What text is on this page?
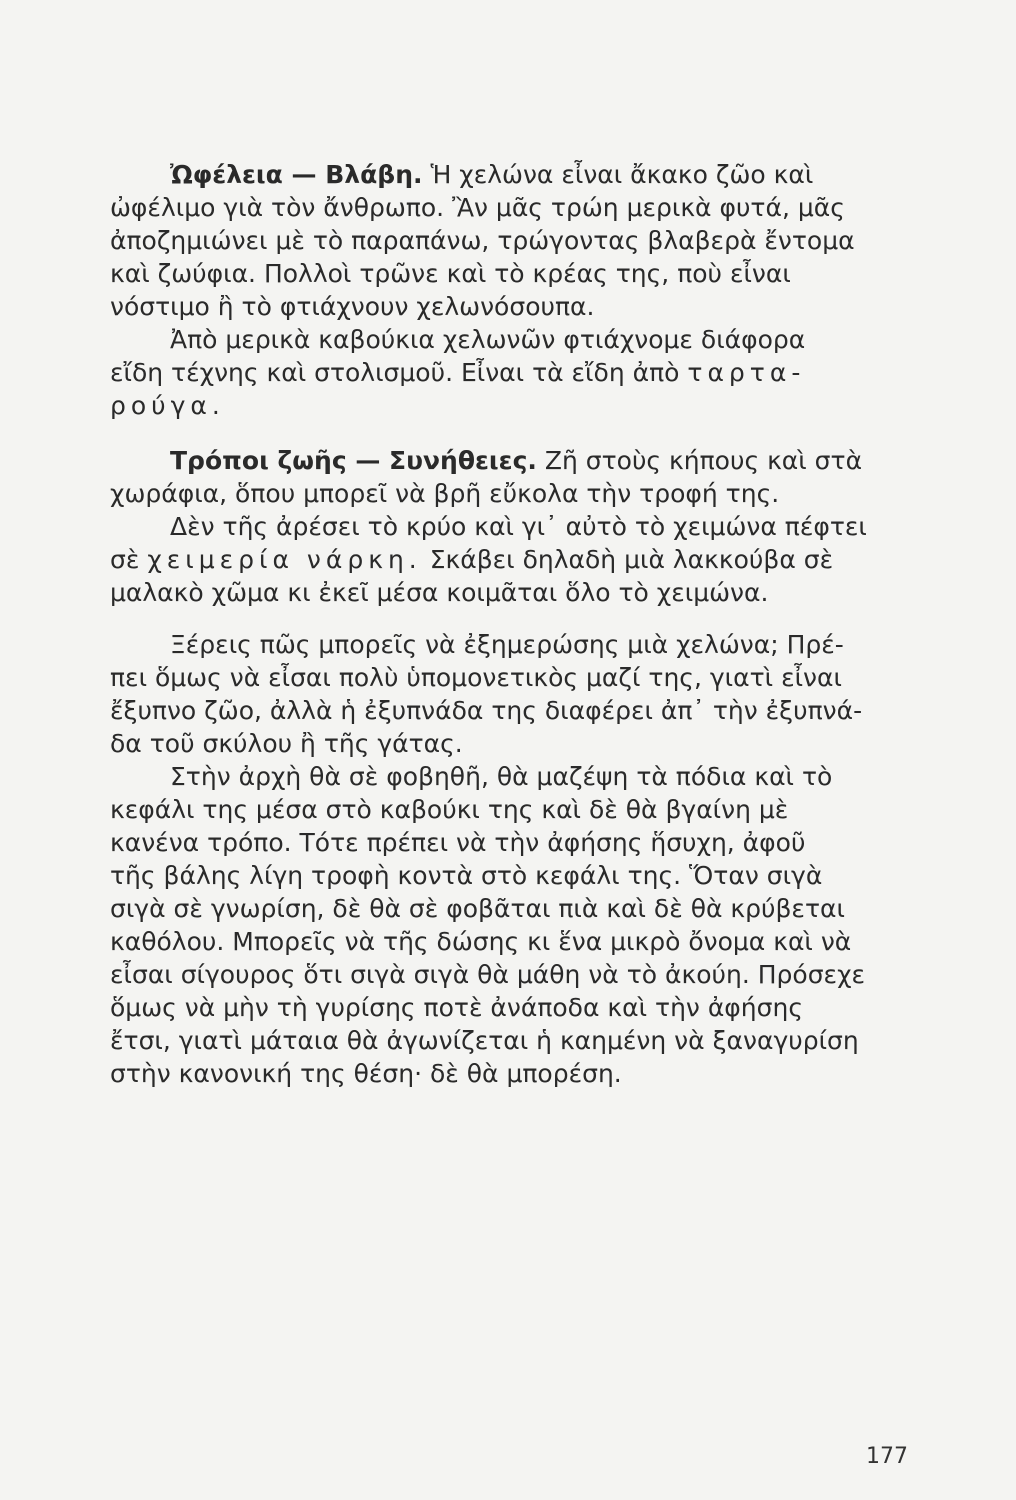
Ὠφέλεια — Βλάβη. Ἡ χελώνα εἶναι ἄκακο ζῶο καὶ
ὠφέλιμο γιὰ τὸν ἄνθρωπο. Ἂν μᾶς τρώη μερικὰ φυτά, μᾶς
ἀποζημιώνει μὲ τὸ παραπάνω, τρώγοντας βλαβερὰ ἔντομα
καὶ ζωύφια. Πολλοὶ τρῶνε καὶ τὸ κρέας της, ποὺ εἶναι
νόστιμο ἢ τὸ φτιάχνουν χελωνόσουπα.
Ἀπὸ μερικὰ καβούκια χελωνῶν φτιάχνομε διάφορα
εἴδη τέχνης καὶ στολισμοῦ. Εἶναι τὰ εἴδη ἀπὸ ταρτα-
ρούγα.
Τρόποι ζωῆς — Συνήθειες. Ζῆ στοὺς κήπους καὶ στὰ
χωράφια, ὅπου μπορεῖ νὰ βρῆ εὔκολα τὴν τροφή της.
Δὲν τῆς ἀρέσει τὸ κρύο καὶ γι᾽ αὐτὸ τὸ χειμώνα πέφτει
σὲ χειμερία νάρκη. Σκάβει δηλαδὴ μιὰ λακκούβα σὲ
μαλακὸ χῶμα κι ἐκεῖ μέσα κοιμᾶται ὅλο τὸ χειμώνα.
Ξέρεις πῶς μπορεῖς νὰ ἐξημερώσης μιὰ χελώνα; Πρέ-
πει ὅμως νὰ εἶσαι πολὺ ὑπομονετικὸς μαζί της, γιατὶ εἶναι
ἔξυπνο ζῶο, ἀλλὰ ἡ ἐξυπνάδα της διαφέρει ἀπ᾽ τὴν ἐξυπνά-
δα τοῦ σκύλου ἢ τῆς γάτας.
Στὴν ἀρχὴ θὰ σὲ φοβηθῆ, θὰ μαζέψη τὰ πόδια καὶ τὸ
κεφάλι της μέσα στὸ καβούκι της καὶ δὲ θὰ βγαίνη μὲ
κανένα τρόπο. Τότε πρέπει νὰ τὴν ἀφήσης ἥσυχη, ἀφοῦ
τῆς βάλης λίγη τροφὴ κοντὰ στὸ κεφάλι της. Ὅταν σιγὰ
σιγὰ σὲ γνωρίση, δὲ θὰ σὲ φοβᾶται πιὰ καὶ δὲ θὰ κρύβεται
καθόλου. Μπορεῖς νὰ τῆς δώσης κι ἕνα μικρὸ ὄνομα καὶ νὰ
εἶσαι σίγουρος ὅτι σιγὰ σιγὰ θὰ μάθη νὰ τὸ ἀκούη. Πρόσεχε
ὅμως νὰ μὴν τὴ γυρίσης ποτὲ ἀνάποδα καὶ τὴν ἀφήσης
ἔτσι, γιατὶ μάταια θὰ ἀγωνίζεται ἡ καημένη νὰ ξαναγυρίση
στὴν κανονική της θέση· δὲ θὰ μπορέση.
177
